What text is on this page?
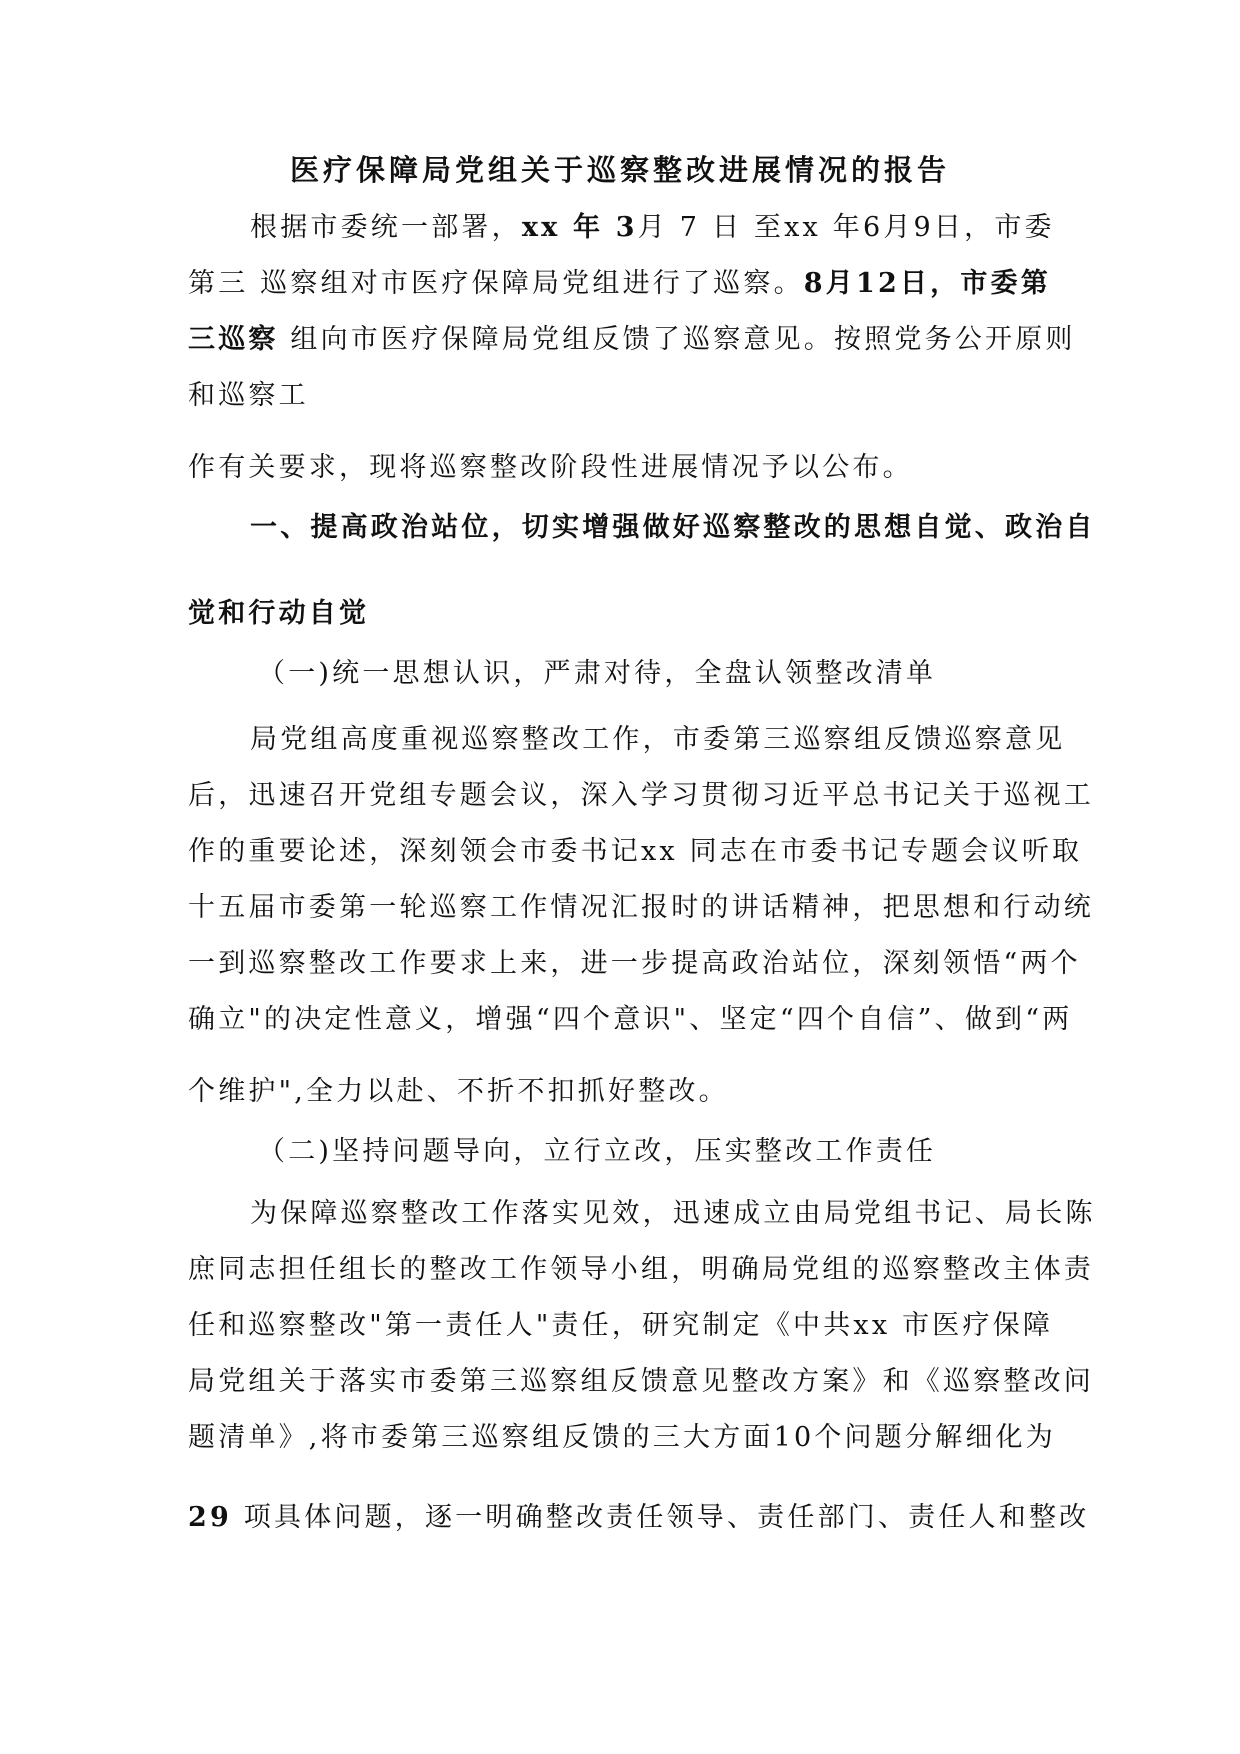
医疗保障局党组关于巡察整改进展情况的报告
根据市委统一部署，xx 年 3月 7 日 至xx 年6月9日，市委
第三 巡察组对市医疗保障局党组进行了巡察。8月12日，市委第
三巡察 组向市医疗保障局党组反馈了巡察意见。按照党务公开原则
和巡察工
作有关要求，现将巡察整改阶段性进展情况予以公布。
一、提高政治站位，切实增强做好巡察整改的思想自觉、政治自
觉和行动自觉
（一)统一思想认识，严肃对待，全盘认领整改清单
局党组高度重视巡察整改工作，市委第三巡察组反馈巡察意见
后，迅速召开党组专题会议，深入学习贯彻习近平总书记关于巡视工
作的重要论述，深刻领会市委书记xx 同志在市委书记专题会议听取
十五届市委第一轮巡察工作情况汇报时的讲话精神，把思想和行动统
一到巡察整改工作要求上来，进一步提高政治站位，深刻领悟“两个
确立"的决定性意义，增强“四个意识"、坚定“四个自信”、做到“两
个维护",全力以赴、不折不扣抓好整改。
（二)坚持问题导向，立行立改，压实整改工作责任
为保障巡察整改工作落实见效，迅速成立由局党组书记、局长陈
庶同志担任组长的整改工作领导小组，明确局党组的巡察整改主体责
任和巡察整改"第一责任人"责任，研究制定《中共xx 市医疗保障
局党组关于落实市委第三巡察组反馈意见整改方案》和《巡察整改问
题清单》,将市委第三巡察组反馈的三大方面10个问题分解细化为
29 项具体问题，逐一明确整改责任领导、责任部门、责任人和整改
